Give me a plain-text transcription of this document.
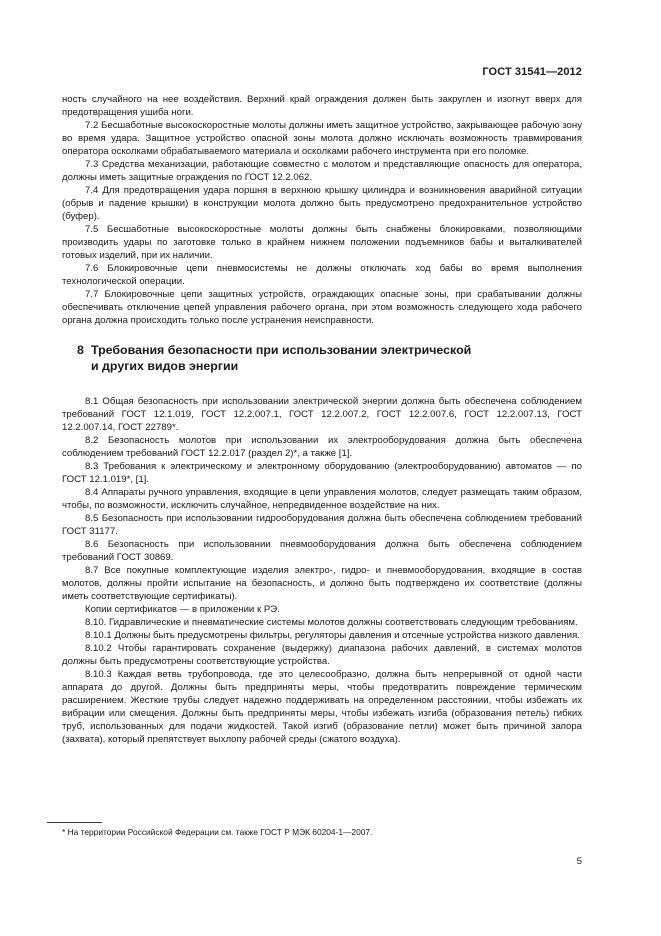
ГОСТ 31541—2012

ность случайного на нее воздействия. Верхний край ограждения должен быть закруглен и изогнут вверх для предотвращения ушиба ноги.

7.2 Бесшаботные высокоскоростные молоты должны иметь защитное устройство, закрывающее рабочую зону во время удара. Защитное устройство опасной зоны молота должно исключать возможность травмирования оператора осколками обрабатываемого материала и осколками рабочего инструмента при его поломке.

7.3 Средства механизации, работающие совместно с молотом и представляющие опасность для оператора, должны иметь защитные ограждения по ГОСТ 12.2.062.

7.4 Для предотвращения удара поршня в верхнюю крышку цилиндра и возникновения аварийной ситуации (обрыв и падение крышки) в конструкции молота должно быть предусмотрено предохранительное устройство (буфер).

7.5 Бесшаботные высокоскоростные молоты должны быть снабжены блокировками, позволяющими производить удары по заготовке только в крайнем нижнем положении подъемников бабы и выталкивателей готовых изделий, при их наличии.

7.6 Блокировочные цепи пневмосистемы не должны отключать ход бабы во время выполнения технологической операции.

7.7 Блокировочные цепи защитных устройств, ограждающих опасные зоны, при срабатывании должны обеспечивать отключение цепей управления рабочего органа, при этом возможность следующего хода рабочего органа должна происходить только после устранения неисправности.

8 Требования безопасности при использовании электрической
и других видов энергии

8.1 Общая безопасность при использовании электрической энергии должна быть обеспечена соблюдением требований ГОСТ 12.1.019, ГОСТ 12.2.007.1, ГОСТ 12.2.007.2, ГОСТ 12.2.007.6, ГОСТ 12.2.007.13, ГОСТ 12.2.007.14, ГОСТ 22789*.

8.2 Безопасность молотов при использовании их электрооборудования должна быть обеспечена соблюдением требований ГОСТ 12.2.017 (раздел 2)*, а также [1].

8.3 Требования к электрическому и электронному оборудованию (электрооборудованию) автоматов — по ГОСТ 12.1.019*, [1].

8.4 Аппараты ручного управления, входящие в цепи управления молотов, следует размещать таким образом, чтобы, по возможности, исключить случайное, непредвиденное воздействие на них.

8.5 Безопасность при использовании гидрооборудования должна быть обеспечена соблюдением требований ГОСТ 31177.

8.6 Безопасность при использовании пневмооборудования должна быть обеспечена соблюдением требований ГОСТ 30869.

8.7 Все покупные комплектующие изделия электро-, гидро- и пневмооборудования, входящие в состав молотов, должны пройти испытание на безопасность, и должно быть подтверждено их соответствие (должны иметь соответствующие сертификаты).

Копии сертификатов — в приложении к РЭ.

8.10. Гидравлические и пневматические системы молотов должны соответствовать следующим требованиям.

8.10.1 Должны быть предусмотрены фильтры, регуляторы давления и отсечные устройства низкого давления.

8.10.2 Чтобы гарантировать сохранение (выдержку) диапазона рабочих давлений, в системах молотов должны быть предусмотрены соответствующие устройства.

8.10.3 Каждая ветвь трубопровода, где это целесообразно, должна быть непрерывной от одной части аппарата до другой. Должны быть предприняты меры, чтобы предотвратить повреждение термическим расширением. Жесткие трубы следует надежно поддерживать на определенном расстоянии, чтобы избежать их вибрации или смещения. Должны быть предприняты меры, чтобы избежать изгиба (образования петель) гибких труб, использованных для подачи жидкостей. Такой изгиб (образование петли) может быть причиной запора (захвата), который препятствует выхлопу рабочей среды (сжатого воздуха).

* На территории Российской Федерации см. также ГОСТ Р МЭК 60204-1—2007.
5
